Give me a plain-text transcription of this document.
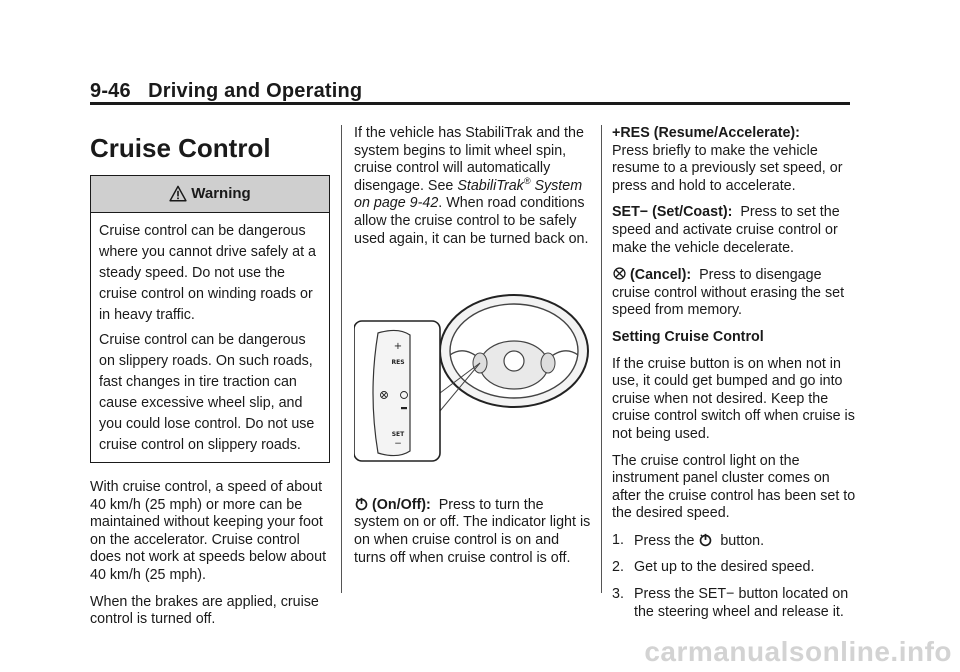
9-46 Driving and Operating
Cruise Control
Warning

Cruise control can be dangerous where you cannot drive safely at a steady speed. Do not use the cruise control on winding roads or in heavy traffic.

Cruise control can be dangerous on slippery roads. On such roads, fast changes in tire traction can cause excessive wheel slip, and you could lose control. Do not use cruise control on slippery roads.

With cruise control, a speed of about 40 km/h (25 mph) or more can be maintained without keeping your foot on the accelerator. Cruise control does not work at speeds below about 40 km/h (25 mph).

When the brakes are applied, cruise control is turned off.

If the vehicle has StabiliTrak and the system begins to limit wheel spin, cruise control will automatically disengage. See StabiliTrak® System on page 9-42. When road conditions allow the cruise control to be safely used again, it can be turned back on.

+
RES
SET
−

(On/Off): Press to turn the system on or off. The indicator light is on when cruise control is on and turns off when cruise control is off.

+RES (Resume/Accelerate):
Press briefly to make the vehicle resume to a previously set speed, or press and hold to accelerate.

SET− (Set/Coast): Press to set the speed and activate cruise control or make the vehicle decelerate.

(Cancel): Press to disengage cruise control without erasing the set speed from memory.

Setting Cruise Control

If the cruise button is on when not in use, it could get bumped and go into cruise when not desired. Keep the cruise control switch off when cruise is not being used.

The cruise control light on the instrument panel cluster comes on after the cruise control has been set to the desired speed.

1. Press the  button.
2. Get up to the desired speed.
3. Press the SET− button located on the steering wheel and release it.
carmanualsonline.info
